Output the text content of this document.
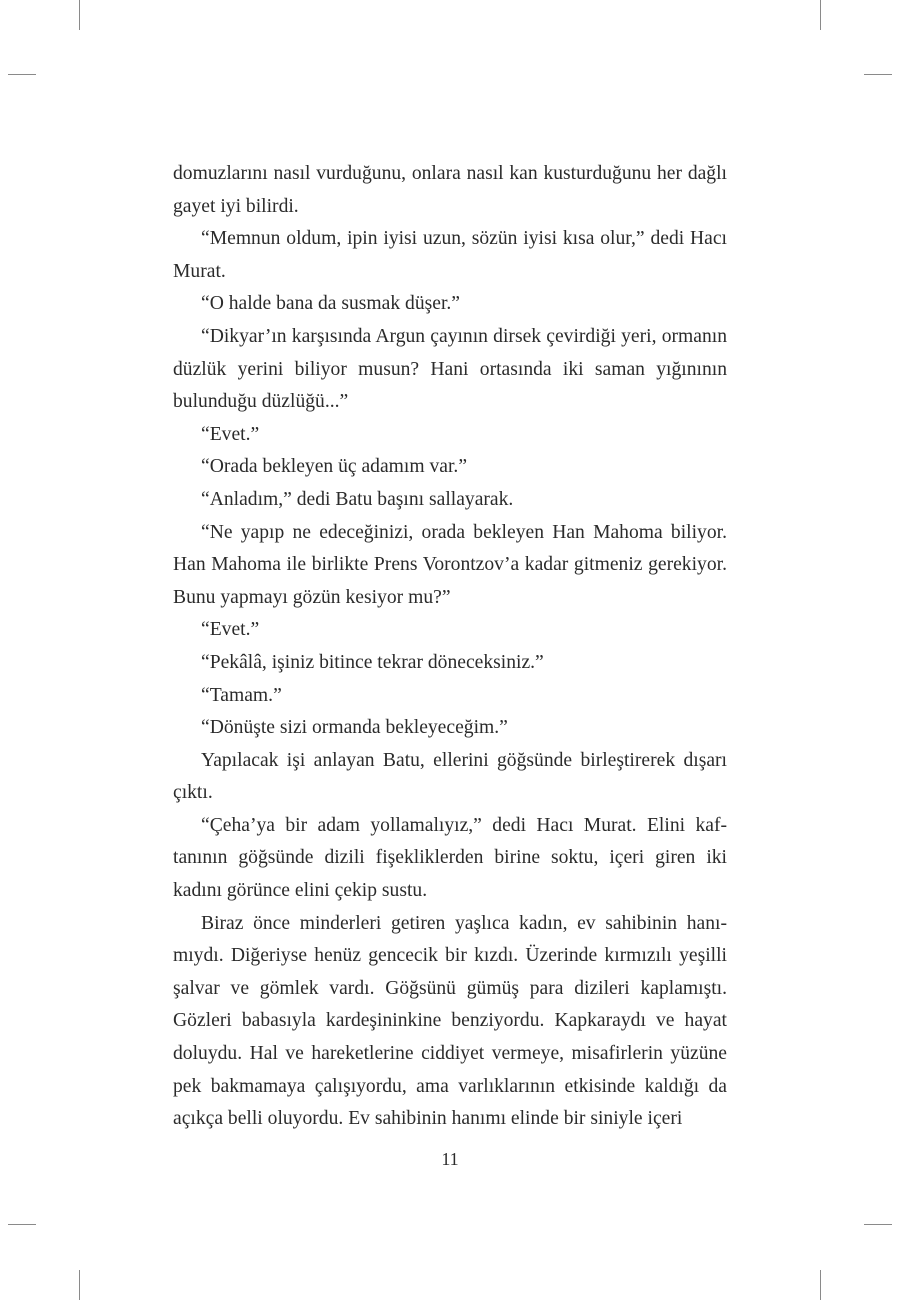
domuzlarını nasıl vurduğunu, onlara nasıl kan kusturduğunu her dağlı gayet iyi bilirdi.

“Memnun oldum, ipin iyisi uzun, sözün iyisi kısa olur,” dedi Hacı Murat.

“O halde bana da susmak düşer.”

“Dikyar’ın karşısında Argun çayının dirsek çevirdiği yeri, ormanın düzlük yerini biliyor musun? Hani ortasında iki saman yığınının bulunduğu düzlüğü...”

“Evet.”

“Orada bekleyen üç adamım var.”

“Anladım,” dedi Batu başını sallayarak.

“Ne yapıp ne edeceğinizi, orada bekleyen Han Mahoma biliyor. Han Mahoma ile birlikte Prens Vorontzov’a kadar gitmeniz gerekiyor. Bunu yapmayı gözün kesiyor mu?”

“Evet.”

“Pekâlâ, işiniz bitince tekrar döneceksiniz.”

“Tamam.”

“Dönüşte sizi ormanda bekleyeceğim.”

Yapılacak işi anlayan Batu, ellerini göğsünde birleştirerek dışarı çıktı.

“Çeha’ya bir adam yollamalıyız,” dedi Hacı Murat. Elini kaftanının göğsünde dizili fişekliklerden birine soktu, içeri giren iki kadını görünce elini çekip sustu.

Biraz önce minderleri getiren yaşlıca kadın, ev sahibinin hanımıydı. Diğeriyse henüz gencecik bir kızdı. Üzerinde kırmızılı yeşilli şalvar ve gömlek vardı. Göğsünü gümüş para dizileri kaplamıştı. Gözleri babasıyla kardeşininkine benziyordu. Kapkaraydı ve hayat doluydu. Hal ve hareketlerine ciddiyet vermeye, misafirlerin yüzüne pek bakmamaya çalışıyordu, ama varlıklarının etkisinde kaldığı da açıkça belli oluyordu. Ev sahibinin hanımı elinde bir siniyle içeri

11
